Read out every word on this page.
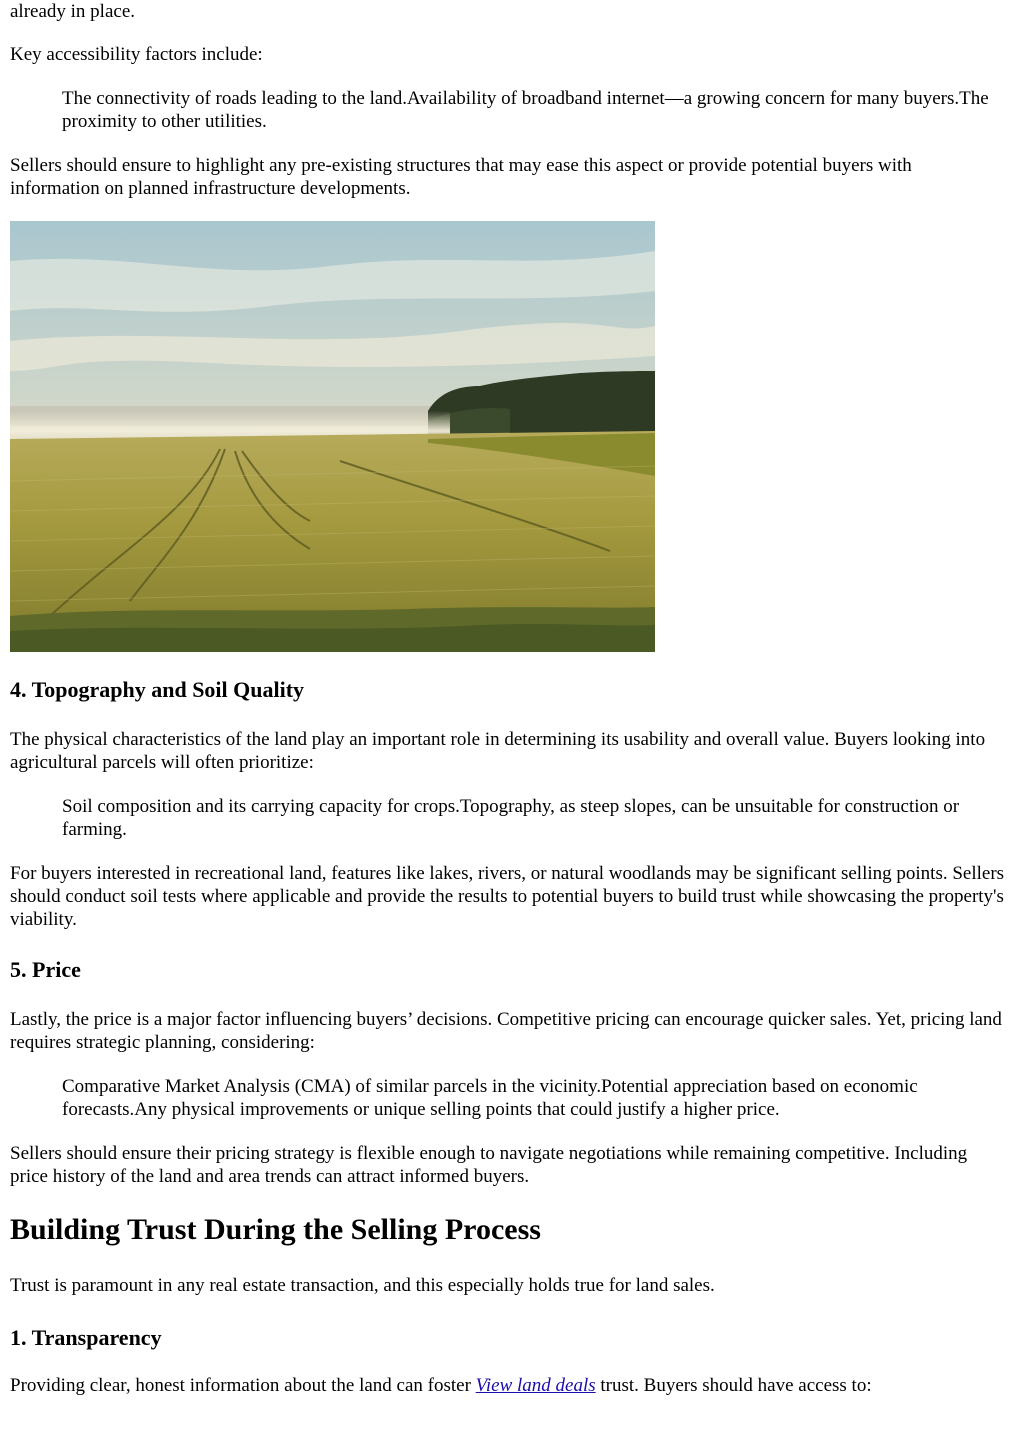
already in place.

Key accessibility factors include:

The connectivity of roads leading to the land.Availability of broadband internet—a growing concern for many buyers.The proximity to other utilities.

Sellers should ensure to highlight any pre-existing structures that may ease this aspect or provide potential buyers with information on planned infrastructure developments.

4. Topography and Soil Quality

The physical characteristics of the land play an important role in determining its usability and overall value. Buyers looking into agricultural parcels will often prioritize:

Soil composition and its carrying capacity for crops.Topography, as steep slopes, can be unsuitable for construction or farming.

For buyers interested in recreational land, features like lakes, rivers, or natural woodlands may be significant selling points. Sellers should conduct soil tests where applicable and provide the results to potential buyers to build trust while showcasing the property's viability.

5. Price

Lastly, the price is a major factor influencing buyers’ decisions. Competitive pricing can encourage quicker sales. Yet, pricing land requires strategic planning, considering:

Comparative Market Analysis (CMA) of similar parcels in the vicinity.Potential appreciation based on economic forecasts.Any physical improvements or unique selling points that could justify a higher price.

Sellers should ensure their pricing strategy is flexible enough to navigate negotiations while remaining competitive. Including price history of the land and area trends can attract informed buyers.

Building Trust During the Selling Process

Trust is paramount in any real estate transaction, and this especially holds true for land sales.

1. Transparency

Providing clear, honest information about the land can foster View land deals trust. Buyers should have access to:
